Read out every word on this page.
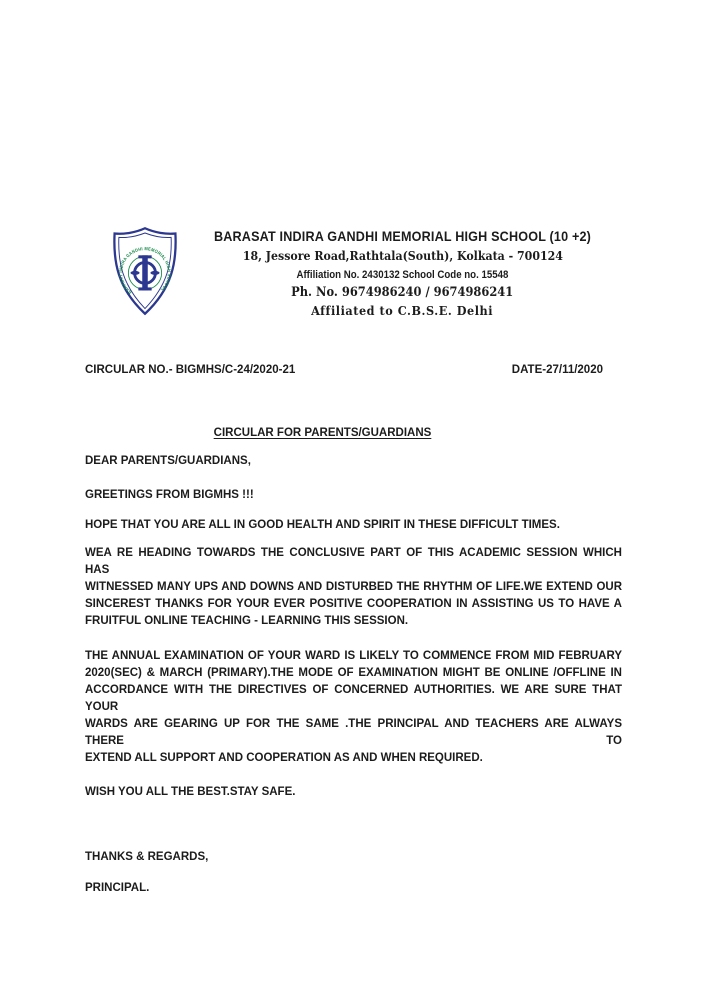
BARASAT INDIRA GANDHI MEMORIAL HIGH SCHOOL
BARASAT INDIRA GANDHI MEMORIAL HIGH SCHOOL (10 +2)
18, Jessore Road,Rathtala(South), Kolkata - 700124
Affiliation No. 2430132 School Code no. 15548
Ph. No. 9674986240 / 9674986241
Affiliated to C.B.S.E. Delhi
CIRCULAR NO.- BIGMHS/C-24/2020-21	DATE-27/11/2020
CIRCULAR FOR PARENTS/GUARDIANS
DEAR PARENTS/GUARDIANS,
GREETINGS FROM BIGMHS !!!
HOPE THAT YOU ARE ALL IN GOOD HEALTH AND SPIRIT IN THESE DIFFICULT TIMES.
WEA RE HEADING TOWARDS THE CONCLUSIVE PART OF THIS ACADEMIC SESSION WHICH HAS
WITNESSED MANY UPS AND DOWNS AND DISTURBED THE RHYTHM OF LIFE.WE EXTEND OUR
SINCEREST THANKS FOR YOUR EVER POSITIVE COOPERATION IN ASSISTING US TO HAVE A
FRUITFUL ONLINE TEACHING - LEARNING THIS SESSION.
THE ANNUAL EXAMINATION OF YOUR WARD IS LIKELY TO COMMENCE FROM MID FEBRUARY
2020(SEC) & MARCH (PRIMARY).THE MODE OF EXAMINATION MIGHT BE ONLINE /OFFLINE IN
ACCORDANCE WITH THE DIRECTIVES OF CONCERNED AUTHORITIES. WE ARE SURE THAT YOUR
WARDS ARE GEARING UP FOR THE SAME .THE PRINCIPAL AND TEACHERS ARE ALWAYS THERE TO
EXTEND ALL SUPPORT AND COOPERATION AS AND WHEN REQUIRED.
WISH YOU ALL THE BEST.STAY SAFE.
THANKS & REGARDS,
PRINCIPAL.
